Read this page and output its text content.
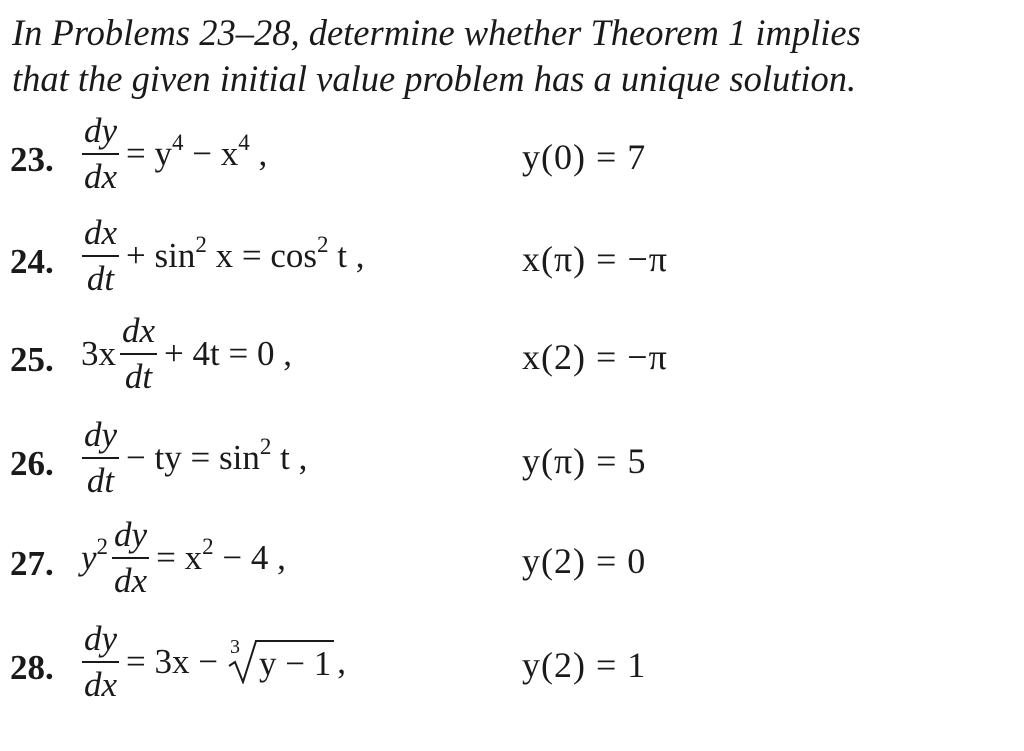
In Problems 23–28, determine whether Theorem 1 implies
that the given initial value problem has a unique solution.
23. $\frac{dy}{dx} = y^4 - x^4$ ,	y(0) = 7
24. $\frac{dx}{dt} + \sin^2 x = \cos^2 t$ ,	x(π) = −π
25. $3x \frac{dx}{dt} + 4t = 0$ ,	x(2) = −π
26. $\frac{dy}{dt}$ − ty = $\sin^2 t$ ,	y(π) = 5
27. $y^2 \frac{dy}{dx} = x^2 - 4$ ,	y(2) = 0
28. $\frac{dy}{dx} = 3x - 3$ y − 1 ,	y(2) = 1
